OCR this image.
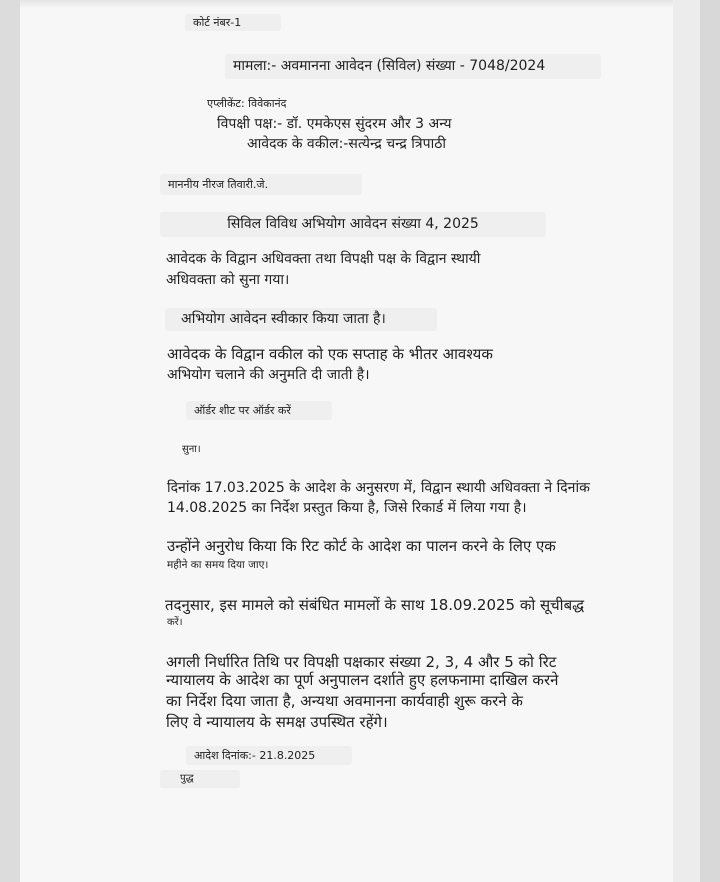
कोर्ट नंबर-1
मामला:- अवमानना आवेदन (सिविल) संख्या - 7048/2024
एप्लीकेंट: विवेकानंद
विपक्षी पक्ष:- डॉ. एमकेएस सुंदरम और 3 अन्य
आवेदक के वकील:-सत्येन्द्र चन्द्र त्रिपाठी
माननीय नीरज तिवारी.जे.
सिविल विविध अभियोग आवेदन संख्या 4, 2025
आवेदक के विद्वान अधिवक्ता तथा विपक्षी पक्ष के विद्वान स्थायी
अधिवक्ता को सुना गया।
अभियोग आवेदन स्वीकार किया जाता है।
आवेदक के विद्वान वकील को एक सप्ताह के भीतर आवश्यक
अभियोग चलाने की अनुमति दी जाती है।
ऑर्डर शीट पर ऑर्डर करें
सुना।
दिनांक 17.03.2025 के आदेश के अनुसरण में, विद्वान स्थायी अधिवक्ता ने दिनांक
14.08.2025 का निर्देश प्रस्तुत किया है, जिसे रिकार्ड में लिया गया है।
उन्होंने अनुरोध किया कि रिट कोर्ट के आदेश का पालन करने के लिए एक
महीने का समय दिया जाए।
तदनुसार, इस मामले को संबंधित मामलों के साथ 18.09.2025 को सूचीबद्ध
करें।
अगली निर्धारित तिथि पर विपक्षी पक्षकार संख्या 2, 3, 4 और 5 को रिट
न्यायालय के आदेश का पूर्ण अनुपालन दर्शाते हुए हलफनामा दाखिल करने
का निर्देश दिया जाता है, अन्यथा अवमानना कार्यवाही शुरू करने के
लिए वे न्यायालय के समक्ष उपस्थित रहेंगे।
आदेश दिनांक:- 21.8.2025
पुद्ध
